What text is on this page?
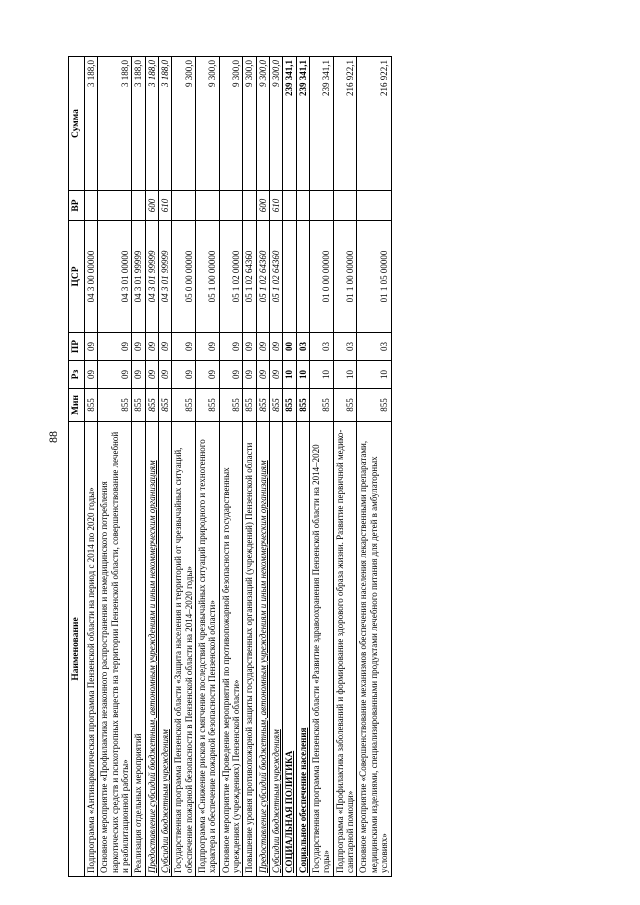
88
Наименование	Мин	Рз	ПР	ЦСР	ВР	Сумма
Подпрограмма «Антинаркотическая программа Пензенской области на период с 2014 по 2020 годы»	855	09	09	04 3 00 00000		3 188,0
Основное мероприятие «Профилактика незаконного распространения и немедицинского потребления наркотических средств и психотропных веществ на территории Пензенской области, совершенствование лечебной и реабилитационной работы»	855	09	09	04 3 01 00000		3 188,0
Реализация отдельных мероприятий	855	09	09	04 3 01 99999		3 188,0
Предоставление субсидий бюджетным, автономным учреждениям и иным некоммерческим организациям	855	09	09	04 3 01 99999	600	3 188,0
Субсидии бюджетным учреждениям	855	09	09	04 3 01 99999	610	3 188,0
Государственная программа Пензенской области «Защита населения и территорий от чрезвычайных ситуаций, обеспечение пожарной безопасности в Пензенской области на 2014–2020 годы»	855	09	09	05 0 00 00000		9 300,0
Подпрограмма «Снижение рисков и смягчение последствий чрезвычайных ситуаций природного и техногенного характера и обеспечение пожарной безопасности Пензенской области»	855	09	09	05 1 00 00000		9 300,0
Основное мероприятие «Проведение мероприятий по противопожарной безопасности в государственных учреждениях (учреждениях) Пензенской области»	855	09	09	05 1 02 00000		9 300,0
Повышение уровня противопожарной защиты государственных организаций (учреждений) Пензенской области	855	09	09	05 1 02 64360		9 300,0
Предоставление субсидий бюджетным, автономным учреждениям и иным некоммерческим организациям	855	09	09	05 1 02 64360	600	9 300,0
Субсидии бюджетным учреждениям	855	09	09	05 1 02 64360	610	9 300,0
СОЦИАЛЬНАЯ ПОЛИТИКА	855	10	00			239 341,1
Социальное обеспечение населения	855	10	03			239 341,1
Государственная программа Пензенской области «Развитие здравоохранения Пензенской области на 2014–2020 годы»	855	10	03	01 0 00 00000		239 341,1
Подпрограмма «Профилактика заболеваний и формирование здорового образа жизни. Развитие первичной медико-санитарной помощи»	855	10	03	01 1 00 00000		216 922,1
Основное мероприятие «Совершенствование механизмов обеспечения населения лекарственными препаратами, медицинскими изделиями, специализированными продуктами лечебного питания для детей в амбулаторных условиях»	855	10	03	01 1 05 00000		216 922,1
